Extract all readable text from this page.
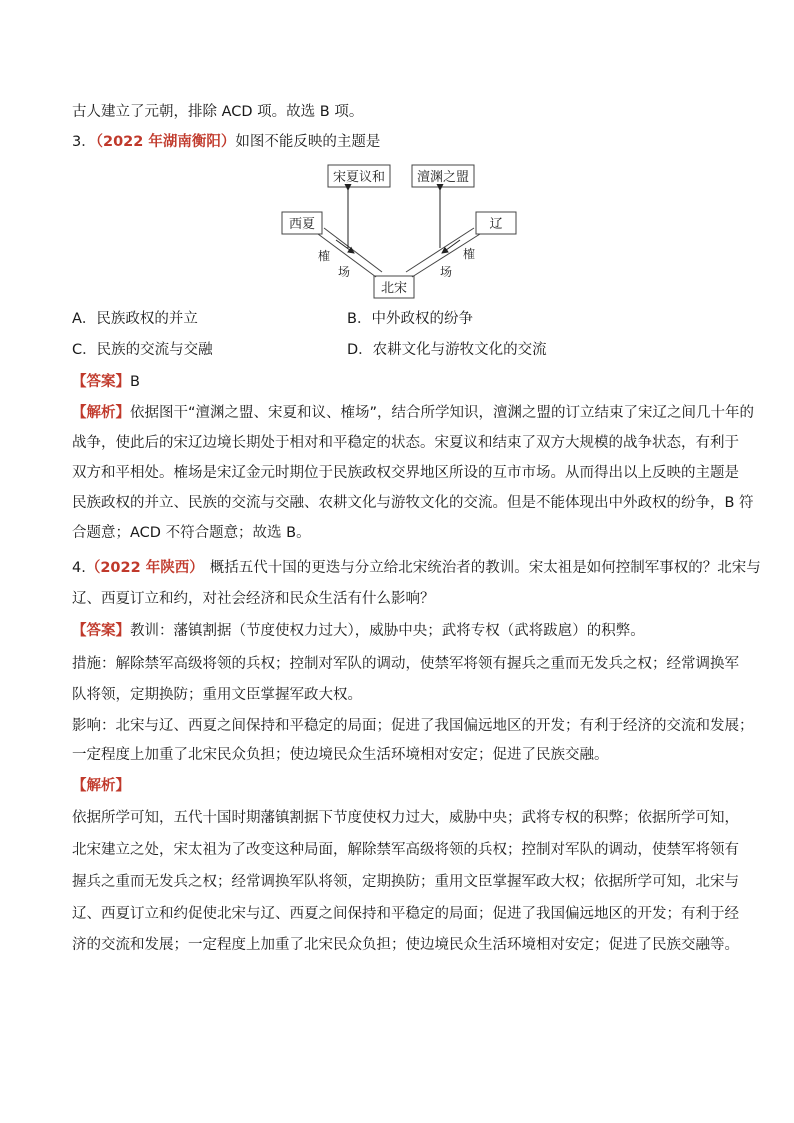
古人建立了元朝，排除 ACD 项。故选 B 项。
3．（2022 年湖南衡阳）如图不能反映的主题是
宋夏议和 澶渊之盟
西夏	辽
北宋
榷
场
榷
场
A．民族政权的并立	B．中外政权的纷争
C．民族的交流与交融	D．农耕文化与游牧文化的交流
【答案】B
【解析】依据图干“澶渊之盟、宋夏和议、榷场”，结合所学知识，澶渊之盟的订立结束了宋辽之间几十年的
战争，使此后的宋辽边境长期处于相对和平稳定的状态。宋夏议和结束了双方大规模的战争状态，有利于
双方和平相处。榷场是宋辽金元时期位于民族政权交界地区所设的互市市场。从而得出以上反映的主题是
民族政权的并立、民族的交流与交融、农耕文化与游牧文化的交流。但是不能体现出中外政权的纷争，B 符
合题意；ACD 不符合题意；故选 B。
4.（2022 年陕西） 概括五代十国的更迭与分立给北宋统治者的教训。宋太祖是如何控制军事权的？北宋与
辽、西夏订立和约，对社会经济和民众生活有什么影响？
【答案】教训：藩镇割据（节度使权力过大），威胁中央；武将专权（武将跋扈）的积弊。
措施：解除禁军高级将领的兵权；控制对军队的调动，使禁军将领有握兵之重而无发兵之权；经常调换军
队将领，定期换防；重用文臣掌握军政大权。
影响：北宋与辽、西夏之间保持和平稳定的局面；促进了我国偏远地区的开发；有利于经济的交流和发展；
一定程度上加重了北宋民众负担；使边境民众生活环境相对安定；促进了民族交融。
【解析】
依据所学可知，五代十国时期藩镇割据下节度使权力过大，威胁中央；武将专权的积弊；依据所学可知，
北宋建立之处，宋太祖为了改变这种局面，解除禁军高级将领的兵权；控制对军队的调动，使禁军将领有
握兵之重而无发兵之权；经常调换军队将领，定期换防；重用文臣掌握军政大权；依据所学可知，北宋与
辽、西夏订立和约促使北宋与辽、西夏之间保持和平稳定的局面；促进了我国偏远地区的开发；有利于经
济的交流和发展；一定程度上加重了北宋民众负担；使边境民众生活环境相对安定；促进了民族交融等。
